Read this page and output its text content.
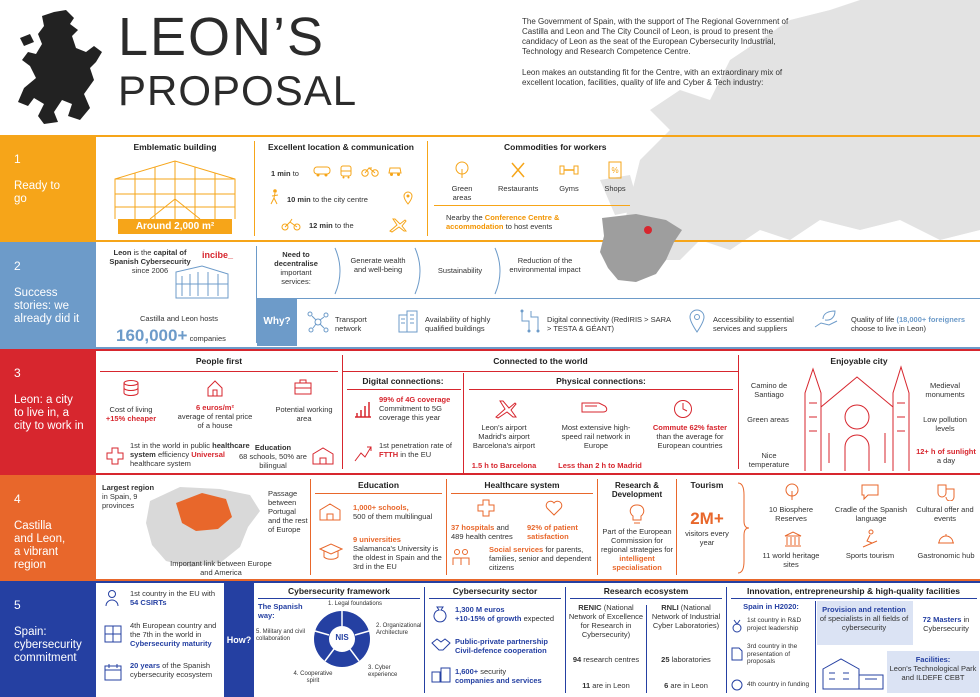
LEON’S
PROPOSAL

The Government of Spain, with the support of The Regional Government of Castilla and Leon and The City Council of Leon, is proud to present the candidacy of Leon as the seat of the European Cybersecurity Industrial, Technology and Research Competence Centre.

Leon makes an outstanding fit for the Centre, with an extraordinary mix of excellent location, facilities, quality of life and Cyber & Tech industry:

1
Ready to go
2
Success stories: we already did it
3
Leon: a city to live in, a city to work in
4
Castilla and Leon, a vibrant region
5
Spain: cybersecurity commitment
Emblematic building
Around 2,000 m²
Excellent location & communication
1 min to
10 min to the city centre
12 min to the
Commodities for workers
Green areas
Restaurants	Gyms
%
Shops
Nearby the Conference Centre & accommodation to host events
Leon is the capital of Spanish Cybersecurity
since 2006
incibe_
Castilla and Leon hosts
160,000+ companies
Need to decentralise
important services:
Generate wealth and well-being	Sustainability
Reduction of the environmental impact
Why?	Transport network
Availability of highly qualified buildings
Digital connectivity (RedIRIS > SARA > TESTA & GÉANT)
Accessibility to essential services and suppliers
Quality of life (18,000+ foreigners choose to live in Leon)
People first
Cost of living
+15% cheaper
6 euros/m²
average of rental price of a house
Potential working area
1st in the world in public healthcare system efficiency Universal healthcare system
Education
68 schools, 50% are bilingual
Connected to the world
Digital connections:
99% of 4G coverage
Commitment to 5G coverage this year
1st penetration rate of FTTH in the EU
Physical connections:
Leon's airport Madrid's airport Barcelona's airport
1.5 h to Barcelona
Most extensive high-speed rail network in Europe
Less than 2 h to Madrid
Commute 62% faster than the average for European countries
Enjoyable city
Camino de Santiago
Green areas
Nice temperature
Medieval monuments
Low pollution levels
12+ h of sunlight a day
Largest region in Spain, 9 provinces
Passage between Portugal and the rest of Europe
Important link between Europe and America
Education
1,000+ schools,
500 of them multilingual
9 universities
Salamanca's University is the oldest in Spain and the 3rd in the EU
Healthcare system
37 hospitals and 489 health centres
92% of patient satisfaction
Social services for parents, families, senior and dependent citizens
Research & Development
Part of the European Commission for regional strategies for intelligent specialisation
Tourism
2M+
visitors every year
10 Biosphere Reserves
Cradle of the Spanish language
Cultural offer and events
11 world heritage sites
Sports tourism	Gastronomic hub
1st country in the EU with 54 CSIRTs
4th European country and the 7th in the world in Cybersecurity maturity
20 years of the Spanish cybersecurity ecosystem
How?
Cybersecurity framework
The Spanish way:
NIS
1. Legal foundations
2. Organizational Architecture
3. Cyber experience
4. Cooperative spirit
5. Military and civil collaboration
Cybersecurity sector
1,300 M euros
+10-15% of growth expected
Public-private partnership Civil-defence cooperation
1,600+ security
companies and services
Research ecosystem
RENIC (National Network of Excellence for Research in Cybersecurity)
RNLI (National Network of Industrial Cyber Laboratories)
94 research centres	25 laboratories
11 are in Leon	6 are in Leon
Innovation, entrepreneurship & high-quality facilities
Spain in H2020:
1st country in R&D project leadership
3rd country in the presentation of proposals
4th country in funding
Provision and retention of specialists in all fields of cybersecurity
72 Masters in Cybersecurity
Facilities:
Leon's Technological Park and ILDEFE CEBT
